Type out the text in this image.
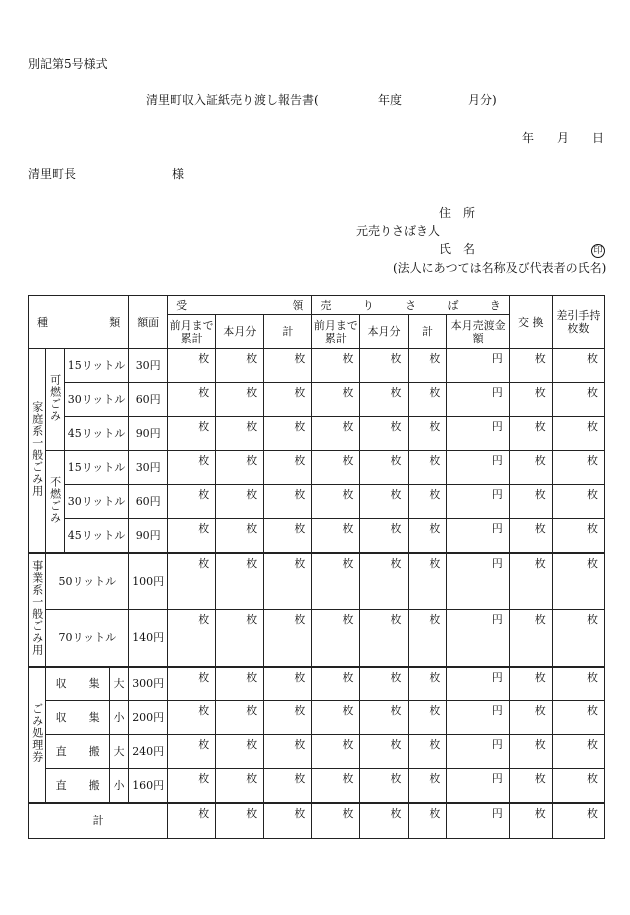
別記第5号様式
清里町収入証紙売り渡し報告書(	年度	月分)
年 月 日
清里町長	様
住　所
元売りさばき人
氏　名	印
(法人にあつては名称及び代表者の氏名)
種 類				額面	受 領			売 り さ ば き				交 換	差引手持枚数
					前月まで累計	本月分	計	前月まで累計	本月分	計	本月売渡金　額		
家庭系一般ごみ用	可燃ごみ	15リットル		30円	枚	枚	枚	枚	枚	枚	円	枚	枚
		30リットル		60円	枚	枚	枚	枚	枚	枚	円	枚	枚
		45リットル		90円	枚	枚	枚	枚	枚	枚	円	枚	枚
	不燃ごみ	15リットル		30円	枚	枚	枚	枚	枚	枚	円	枚	枚
		30リットル		60円	枚	枚	枚	枚	枚	枚	円	枚	枚
		45リットル		90円	枚	枚	枚	枚	枚	枚	円	枚	枚
事業系一般ごみ用	50リットル			100円	枚	枚	枚	枚	枚	枚	円	枚	枚
	70リットル			140円	枚	枚	枚	枚	枚	枚	円	枚	枚
ごみ処理券	収　　集		大	300円	枚	枚	枚	枚	枚	枚	円	枚	枚
	収　　集		小	200円	枚	枚	枚	枚	枚	枚	円	枚	枚
	直　　搬		大	240円	枚	枚	枚	枚	枚	枚	円	枚	枚
	直　　搬		小	160円	枚	枚	枚	枚	枚	枚	円	枚	枚
計					枚	枚	枚	枚	枚	枚	円	枚	枚
